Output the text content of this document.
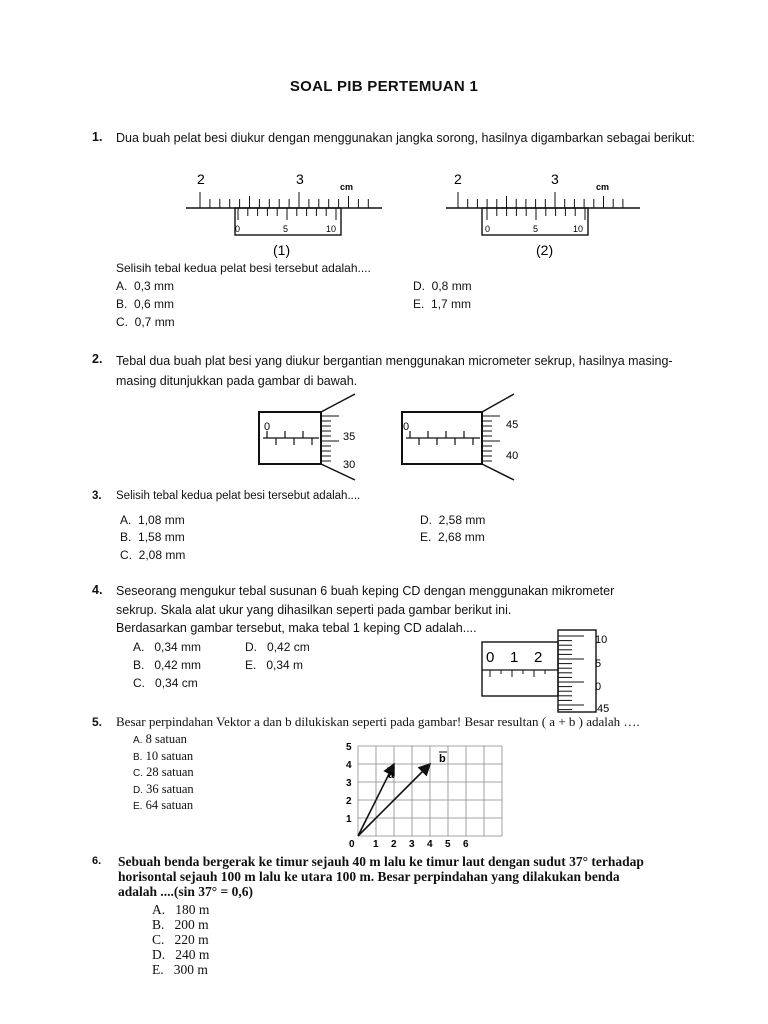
SOAL PIB PERTEMUAN 1
1. Dua buah pelat besi diukur dengan menggunakan jangka sorong, hasilnya digambarkan sebagai berikut:
2	3	cm
0	5	10
(1)
2	3	cm
0	5	10
(2)
Selisih tebal kedua pelat besi tersebut adalah....
A. 0,3 mm
B. 0,6 mm
C. 0,7 mm
D. 0,8 mm
E. 1,7 mm
2. Tebal dua buah plat besi yang diukur bergantian menggunakan micrometer sekrup, hasilnya masing-masing ditunjukkan pada gambar di bawah.
0
35
30
0	45
40
3. Selisih tebal kedua pelat besi tersebut adalah....
A. 1,08 mm
B. 1,58 mm
C. 2,08 mm
D. 2,58 mm
E. 2,68 mm
4. Seseorang mengukur tebal susunan 6 buah keping CD dengan menggunakan mikrometer
sekrup. Skala alat ukur yang dihasilkan seperti pada gambar berikut ini.
Berdasarkan gambar tersebut, maka tebal 1 keping CD adalah....
A. 0,34 mm
B. 0,42 mm
C. 0,34 cm
D. 0,42 cm
E. 0,34 m	0 1 2
10
5
0
45
5. Besar perpindahan Vektor a dan b dilukiskan seperti pada gambar! Besar resultan ( a + b ) adalah ….
A. 8 satuan
B. 10 satuan
C. 28 satuan
D. 36 satuan
E. 64 satuan
0 1 2 3 4 5 6
1
2
3
4
5
a
b
6. Sebuah benda bergerak ke timur sejauh 40 m lalu ke timur laut dengan sudut 37° terhadap
horisontal sejauh 100 m lalu ke utara 100 m. Besar perpindahan yang dilakukan benda
adalah ....(sin 37° = 0,6)
A. 180 m
B. 200 m
C. 220 m
D. 240 m
E. 300 m
